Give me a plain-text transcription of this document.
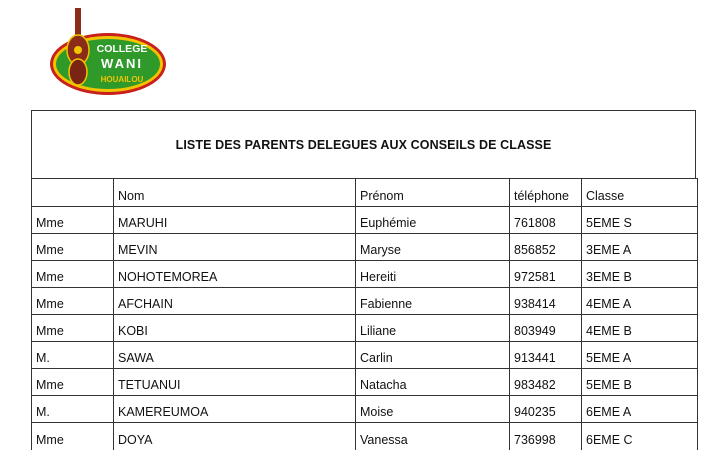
COLLEGE
WANI
HOUAILOU
LISTE DES PARENTS DELEGUES AUX CONSEILS DE CLASSE
	Nom	Prénom	téléphone	Classe
Mme	MARUHI	Euphémie	761808	5EME S
Mme	MEVIN	Maryse	856852	3EME A
Mme	NOHOTEMOREA	Hereiti	972581	3EME B
Mme	AFCHAIN	Fabienne	938414	4EME A
Mme	KOBI	Liliane	803949	4EME B
M.	SAWA	Carlin	913441	5EME A
Mme	TETUANUI	Natacha	983482	5EME B
M.	KAMEREUMOA	Moise	940235	6EME A
Mme	DOYA	Vanessa	736998	6EME C
